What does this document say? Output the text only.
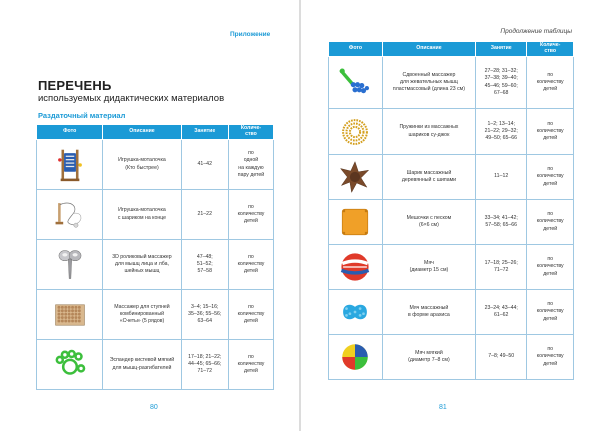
Приложение
ПЕРЕЧЕНЬ
используемых дидактических материалов
Раздаточный материал
Фото	Описание	Занятие	Количе-
ство

	Игрушка-моталочка
(Кто быстрее)	41–42	по
одной
на каждую
пару детей

	Игрушка-моталочка
с шариком на конце	21–22	по
количеству
детей

	3D роликовый массажер
для мышц лица и лба,
шейных мышц	47–48;
51–52;
57–58	по
количеству
детей

	Массажер для ступней
комбинированный
«Счеты» (5 рядов)	3–4; 15–16;
35–36; 55–56;
63–64	по
количеству
детей

	Эспандер кистевой мягкий
для мышц-разгибателей	17–18; 21–22;
44–45; 65–66;
71–72	по
количеству
детей
80
Продолжение таблицы
Фото	Описание	Занятие	Количе-
ство

	Сдвоенный массажер
для жевательных мышц
пластмассовый (длина 23 см)	27–28; 31–32;
37–38; 39–40;
45–46; 59–60;
67–68	по
количеству
детей

	Пружинки из массажных
шариков су-джок	1–2; 13–14;
21–22; 29–32;
49–50; 65–66	по
количеству
детей

	Шарик массажный
деревянный с шипами	11–12	по
количеству
детей

	Мешочки с песком
(6×6 см)	33–34; 41–42;
57–58; 65–66	по
количеству
детей

	Мяч
(диаметр 15 см)	17–18; 25–26;
71–72	по
количеству
детей

	Мяч массажный
в форме арахиса	23–24; 43–44;
61–62	по
количеству
детей

	Мяч мягкий
(диаметр 7–8 см)	7–8; 49–50	по
количеству
детей
81
